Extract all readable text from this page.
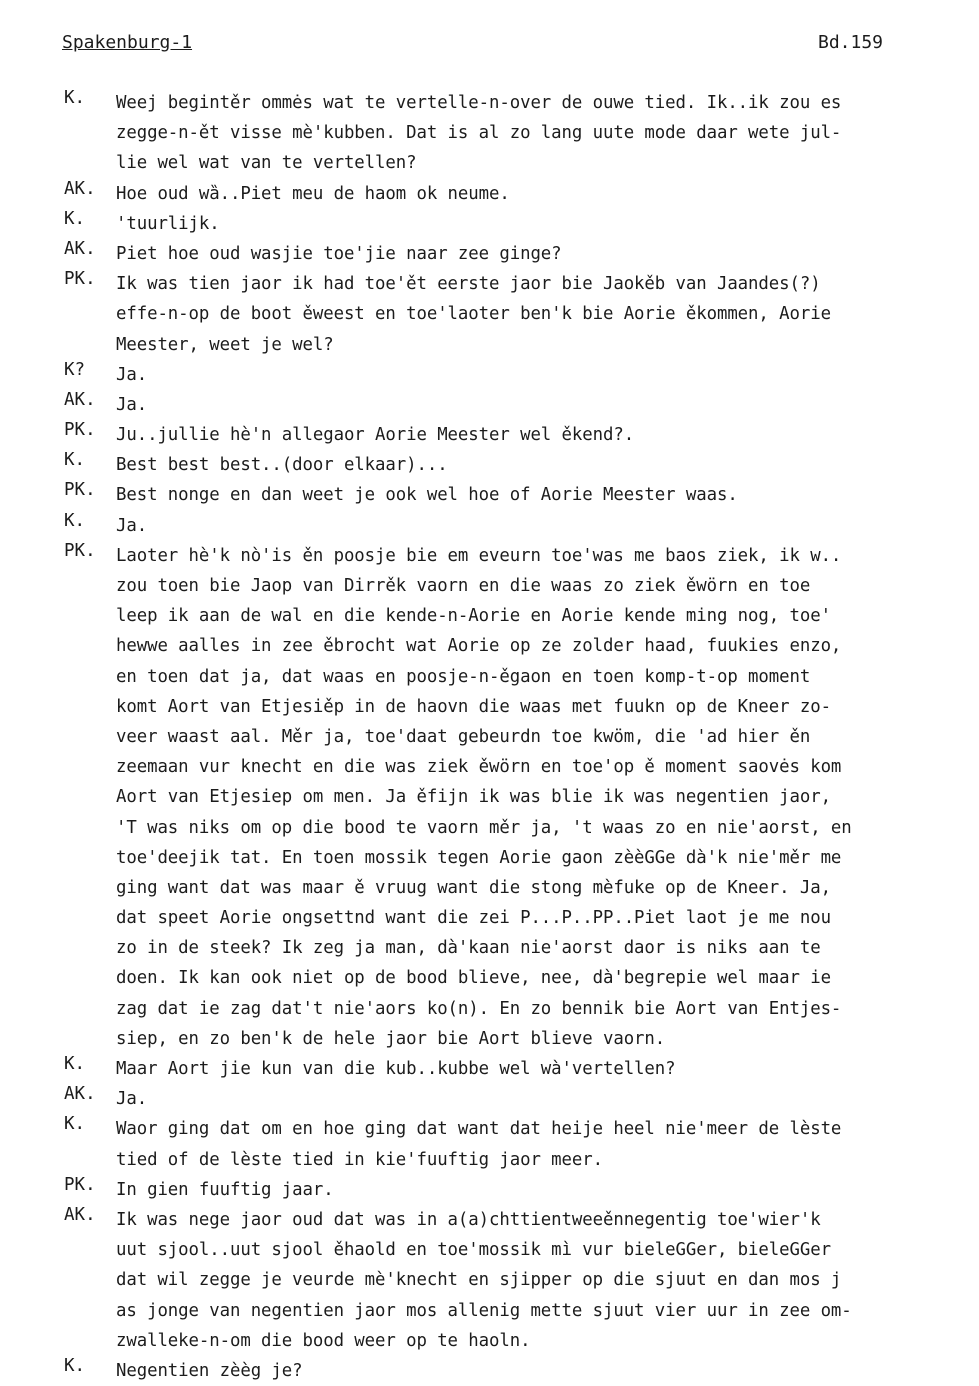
Spakenburg-1	Bd.159
K.	Weej begintěr ommės wat te vertelle-n-over de ouwe tied. Ik..ik zou es
zegge-n-ět visse mè'kubben. Dat is al zo lang uute mode daar wete jul-
lie wel wat van te vertellen?
AK.	Hoe oud wȁ..Piet meu de haom ok neume.
K.	'tuurlijk.
AK.	Piet hoe oud wasjie toe'jie naar zee ginge?
PK.	Ik was tien jaor ik had toe'ět eerste jaor bie Jaokěb van Jaandes(?)
effe-n-op de boot ěweest en toe'laoter ben'k bie Aorie ěkommen, Aorie
Meester, weet je wel?
K?	Ja.
AK.	Ja.
PK.	Ju..jullie hè'n allegaor Aorie Meester wel ěkend?.
K.	Best best best..(door elkaar)...
PK.	Best nonge en dan weet je ook wel hoe of Aorie Meester waas.
K.	Ja.
PK.	Laoter hè'k nò'is ěn poosje bie em eveurn toe'was me baos ziek, ik w..
zou toen bie Jaop van Dirrěk vaorn en die waas zo ziek ěwörn en toe
leep ik aan de wal en die kende-n-Aorie en Aorie kende ming nog, toe'
hewwe aalles in zee ěbrocht wat Aorie op ze zolder haad, fuukies enzo,
en toen dat ja, dat waas en poosje-n-ěgaon en toen komp-t-op moment
komt Aort van Etjesiěp in de haovn die waas met fuukn op de Kneer zo-
veer waast aal. Měr ja, toe'daat gebeurdn toe kwöm, die 'ad hier ěn
zeemaan vur knecht en die was ziek ěwörn en toe'op ě moment saovės kom
Aort van Etjesiep om men. Ja ěfijn ik was blie ik was negentien jaor,
'T was niks om op die bood te vaorn měr ja, 't waas zo en nie'aorst, en
toe'deejik tat. En toen mossik tegen Aorie gaon zèèGGe dà'k nie'měr me
ging want dat was maar ě vruug want die stong mèfuke op de Kneer. Ja,
dat speet Aorie ongsettnd want die zei P...P..PP..Piet laot je me nou
zo in de steek? Ik zeg ja man, dà'kaan nie'aorst daor is niks aan te
doen. Ik kan ook niet op de bood blieve, nee, dà'begrepie wel maar ie
zag dat ie zag dat't nie'aors ko(n). En zo bennik bie Aort van Entjes-
siep, en zo ben'k de hele jaor bie Aort blieve vaorn.
K.	Maar Aort jie kun van die kub..kubbe wel wà'vertellen?
AK.	Ja.
K.	Waor ging dat om en hoe ging dat want dat heije heel nie'meer de lèste
tied of de lèste tied in kie'fuuftig jaor meer.
PK.	In gien fuuftig jaar.
AK.	Ik was nege jaor oud dat was in a(a)chttientweeěnnegentig toe'wier'k
uut sjool..uut sjool ěhaold en toe'mossik mì vur bieleGGer, bieleGGer
dat wil zegge je veurde mè'knecht en sjipper op die sjuut en dan mos j
as jonge van negentien jaor mos allenig mette sjuut vier uur in zee om-
zwalleke-n-om die bood weer op te haoln.
K.	Negentien zèèg je?
